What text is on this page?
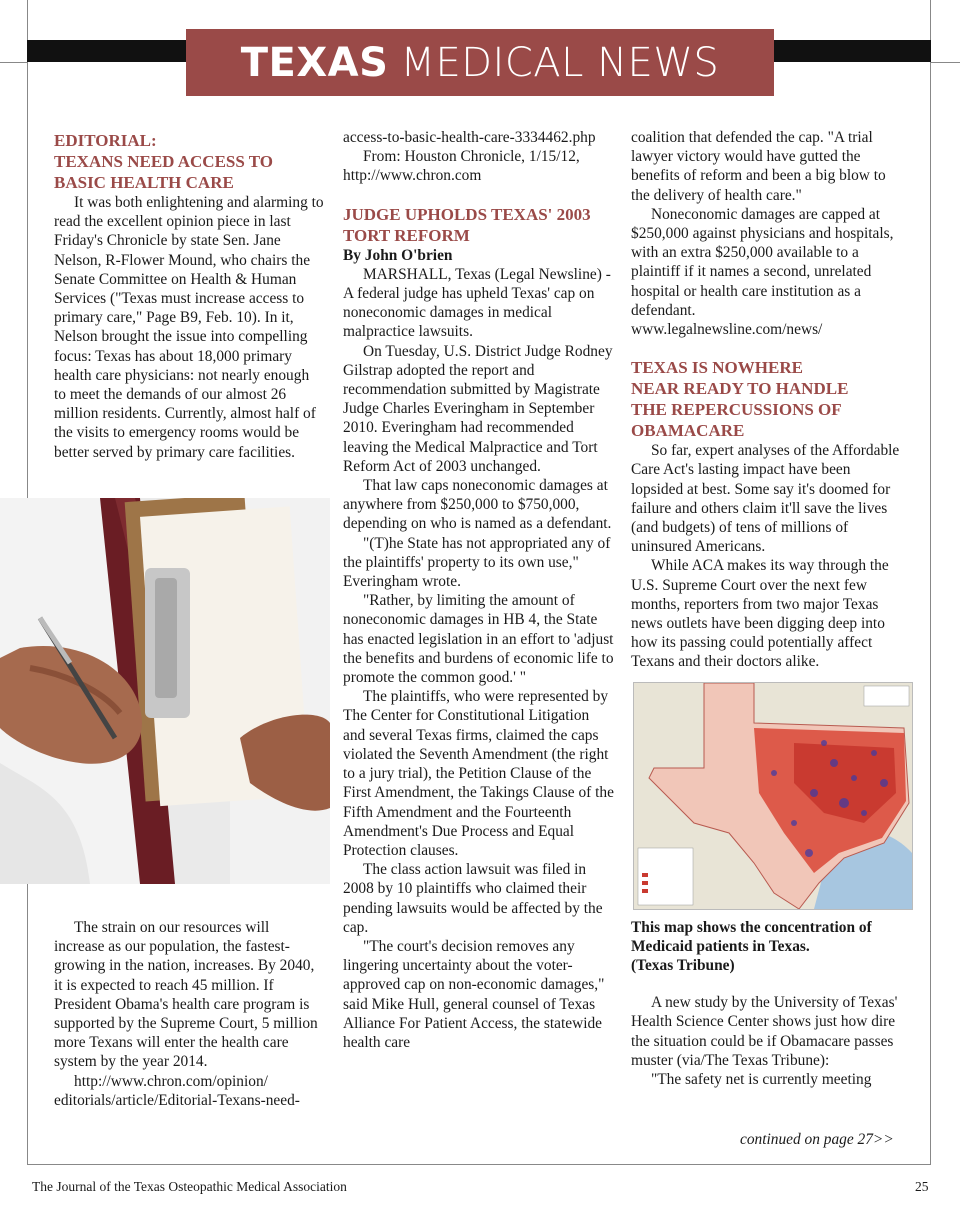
TEXAS MEDICAL NEWS

EDITORIAL:

TEXANS NEED ACCESS TO

BASIC HEALTH CARE

It was both enlightening and alarming to read the excellent opinion piece in last Friday's Chronicle by state Sen. Jane Nelson, R-Flower Mound, who chairs the Senate Committee on Health & Human Services ("Texas must increase access to primary care," Page B9, Feb. 10). In it, Nelson brought the issue into compelling focus: Texas has about 18,000 primary health care physicians: not nearly enough to meet the demands of our almost 26 million residents. Currently, almost half of the visits to emergency rooms would be better served by primary care facilities.

The strain on our resources will increase as our population, the fastest-growing in the nation, increases. By 2040, it is expected to reach 45 million. If President Obama's health care program is supported by the Supreme Court, 5 million more Texans will enter the health care system by the year 2014.

http://www.chron.com/opinion/

editorials/article/Editorial-Texans-need-

access-to-basic-health-care-3334462.php

From: Houston Chronicle, 1/15/12,

http://www.chron.com

JUDGE UPHOLDS TEXAS' 2003

TORT REFORM

By John O'brien

MARSHALL, Texas (Legal Newsline) - A federal judge has upheld Texas' cap on noneconomic damages in medical malpractice lawsuits.

On Tuesday, U.S. District Judge Rodney Gilstrap adopted the report and recommendation submitted by Magistrate Judge Charles Everingham in September 2010. Everingham had recommended leaving the Medical Malpractice and Tort Reform Act of 2003 unchanged.

That law caps noneconomic damages at anywhere from $250,000 to $750,000, depending on who is named as a defendant.

"(T)he State has not appropriated any of the plaintiffs' property to its own use," Everingham wrote.

"Rather, by limiting the amount of noneconomic damages in HB 4, the State has enacted legislation in an effort to 'adjust the benefits and burdens of economic life to promote the common good.' "

The plaintiffs, who were represented by The Center for Constitutional Litigation and several Texas firms, claimed the caps violated the Seventh Amendment (the right to a jury trial), the Petition Clause of the First Amendment, the Takings Clause of the Fifth Amendment and the Fourteenth Amendment's Due Process and Equal Protection clauses.

The class action lawsuit was filed in 2008 by 10 plaintiffs who claimed their pending lawsuits would be affected by the cap.

"The court's decision removes any lingering uncertainty about the voter-approved cap on non-economic damages," said Mike Hull, general counsel of Texas Alliance For Patient Access, the statewide health care

coalition that defended the cap. "A trial lawyer victory would have gutted the benefits of reform and been a big blow to the delivery of health care."

Noneconomic damages are capped at $250,000 against physicians and hospitals, with an extra $250,000 available to a plaintiff if it names a second, unrelated hospital or health care institution as a defendant.

www.legalnewsline.com/news/

TEXAS IS NOWHERE

NEAR READY TO HANDLE

THE REPERCUSSIONS OF

OBAMACARE

So far, expert analyses of the Affordable Care Act's lasting impact have been lopsided at best. Some say it's doomed for failure and others claim it'll save the lives (and budgets) of tens of millions of uninsured Americans.

While ACA makes its way through the U.S. Supreme Court over the next few months, reporters from two major Texas news outlets have been digging deep into how its passing could potentially affect Texans and their doctors alike.

This map shows the concentration of

Medicaid patients in Texas.

(Texas Tribune)

A new study by the University of Texas' Health Science Center shows just how dire the situation could be if Obamacare passes muster (via/The Texas Tribune):

"The safety net is currently meeting

continued on page 27>>
The Journal of the Texas Osteopathic Medical Association	25
